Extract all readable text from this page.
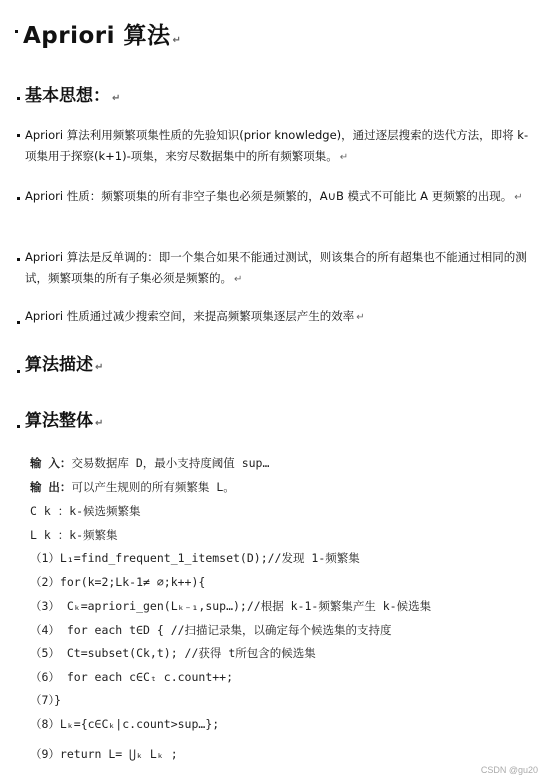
Apriori 算法 ↵
基本思想： ↵
Apriori 算法利用频繁项集性质的先验知识(prior knowledge)，通过逐层搜索的迭代方法，即将 k-项集用于探察(k+1)-项集，来穷尽数据集中的所有频繁项集。 ↵
Apriori 性质：频繁项集的所有非空子集也必须是频繁的，A∪B 模式不可能比 A 更频繁的出现。 ↵
Apriori 算法是反单调的：即一个集合如果不能通过测试，则该集合的所有超集也不能通过相同的测试，频繁项集的所有子集必须是频繁的。 ↵
Apriori 性质通过减少搜索空间，来提高频繁项集逐层产生的效率 ↵
算法描述 ↵
算法整体 ↵
输 入：交易数据库 D，最小支持度阈值 sup…
输 出：可以产生规则的所有频繁集 L。
C k ：k-候选频繁集
L k ：k-频繁集
（1）L₁=find_frequent_1_itemset(D);//发现 1-频繁集
（2）for(k=2;Lk-1≠ ∅;k++){
（3） Cₖ=apriori_gen(Lₖ₋₁,sup…);//根据 k-1-频繁集产生 k-候选集
（4） for each t∈D { //扫描记录集，以确定每个候选集的支持度
（5） Ct=subset(Ck,t); //获得 t所包含的候选集
（6） for each c∈Cₜ c.count++;
（7）}
（8）Lₖ={c∈Cₖ|c.count>sup…};
（9）return L= ⋃ₖ Lₖ ;
CSDN @gu20
